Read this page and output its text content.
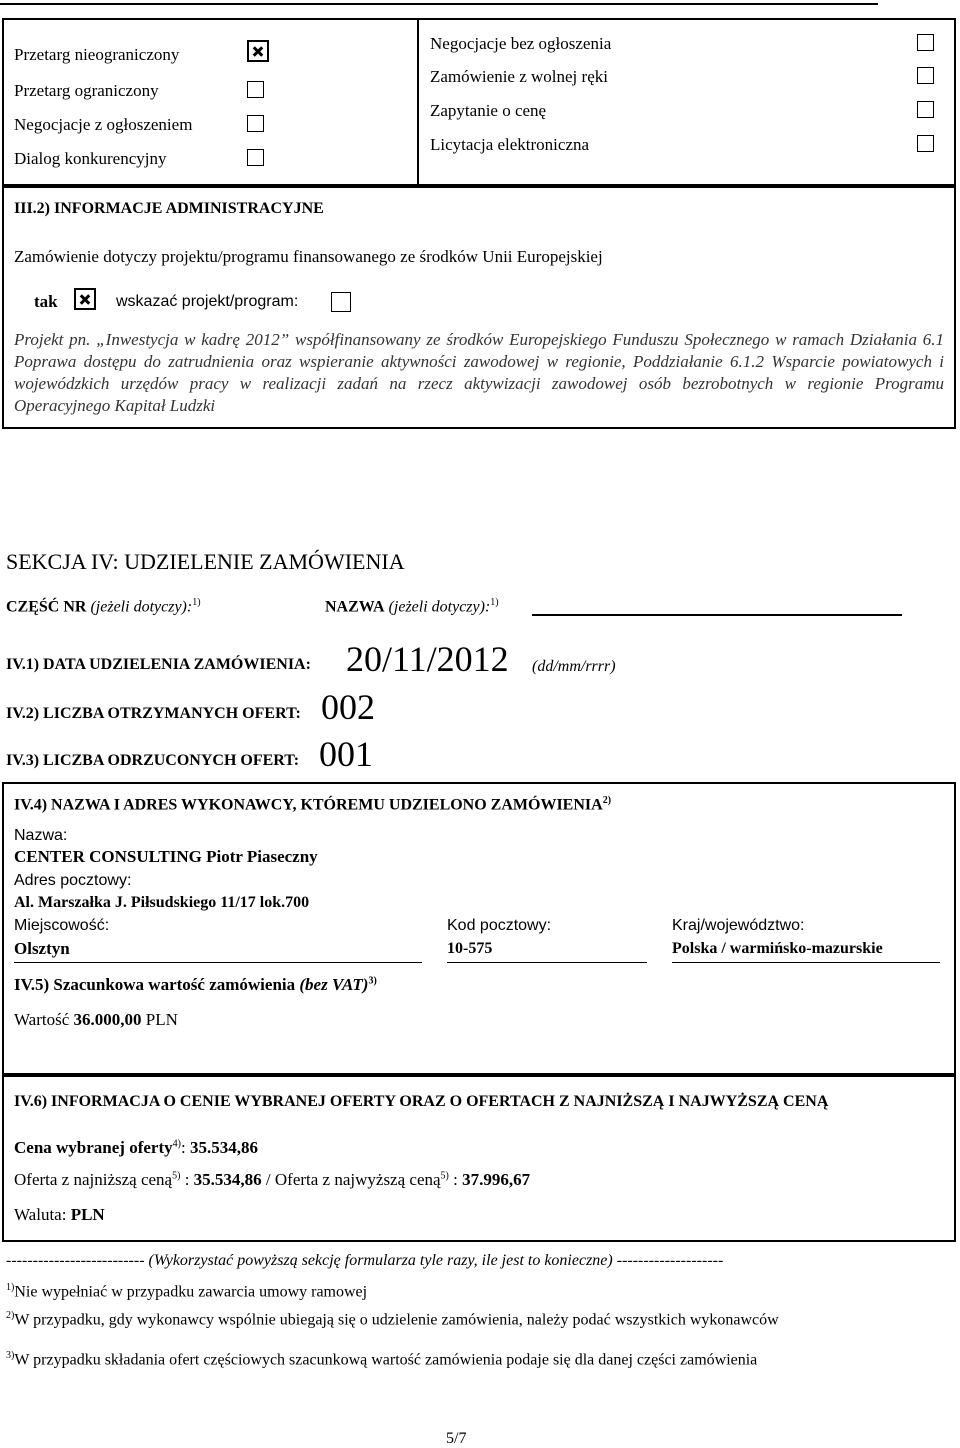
Przetarg nieograniczony
Przetarg ograniczony
Negocjacje z ogłoszeniem
Dialog konkurencyjny
Negocjacje bez ogłoszenia
Zamówienie z wolnej ręki
Zapytanie o cenę
Licytacja elektroniczna
III.2) INFORMACJE ADMINISTRACYJNE
Zamówienie dotyczy projektu/programu finansowanego ze środków Unii Europejskiej
tak	wskazać projekt/program:
Projekt pn. „Inwestycja w kadrę 2012” współfinansowany ze środków Europejskiego Funduszu Społecznego w ramach Działania 6.1 Poprawa dostępu do zatrudnienia oraz wspieranie aktywności zawodowej w regionie, Poddziałanie 6.1.2 Wsparcie powiatowych i wojewódzkich urzędów pracy w realizacji zadań na rzecz aktywizacji zawodowej osób bezrobotnych w regionie Programu Operacyjnego Kapitał Ludzki
SEKCJA IV: UDZIELENIE ZAMÓWIENIA
CZĘŚĆ NR (jeżeli dotyczy):$^{1)}$	NAZWA (jeżeli dotyczy):$^{1)}$
IV.1) DATA UDZIELENIA ZAMÓWIENIA: 20/11/2012 (dd/mm/rrrr)
IV.2) LICZBA OTRZYMANYCH OFERT: 002
IV.3) LICZBA ODRZUCONYCH OFERT: 001
IV.4) NAZWA I ADRES WYKONAWCY, KTÓREMU UDZIELONO ZAMÓWIENIA$^{2)}$
Nazwa:
CENTER CONSULTING Piotr Piaseczny
Adres pocztowy:
Al. Marszałka J. Piłsudskiego 11/17 lok.700
Miejscowość:
Olsztyn
Kod pocztowy:
10-575
Kraj/województwo:
Polska / warmińsko-mazurskie
IV.5) Szacunkowa wartość zamówienia (bez VAT)$^{3)}$
Wartość 36.000,00 PLN
IV.6) INFORMACJA O CENIE WYBRANEJ OFERTY ORAZ O OFERTACH Z NAJNIŻSZĄ I NAJWYŻSZĄ CENĄ
Cena wybranej oferty$^{4)}$: 35.534,86
Oferta z najniższą ceną$^{5)}$ : 35.534,86 / Oferta z najwyższą ceną$^{5)}$ : 37.996,67
Waluta: PLN
-------------------------- (Wykorzystać powyższą sekcję formularza tyle razy, ile jest to konieczne) --------------------
$^{1)}$Nie wypełniać w przypadku zawarcia umowy ramowej
$^{2)}$W przypadku, gdy wykonawcy wspólnie ubiegają się o udzielenie zamówienia, należy podać wszystkich wykonawców
$^{3)}$W przypadku składania ofert częściowych szacunkową wartość zamówienia podaje się dla danej części zamówienia
5/7
